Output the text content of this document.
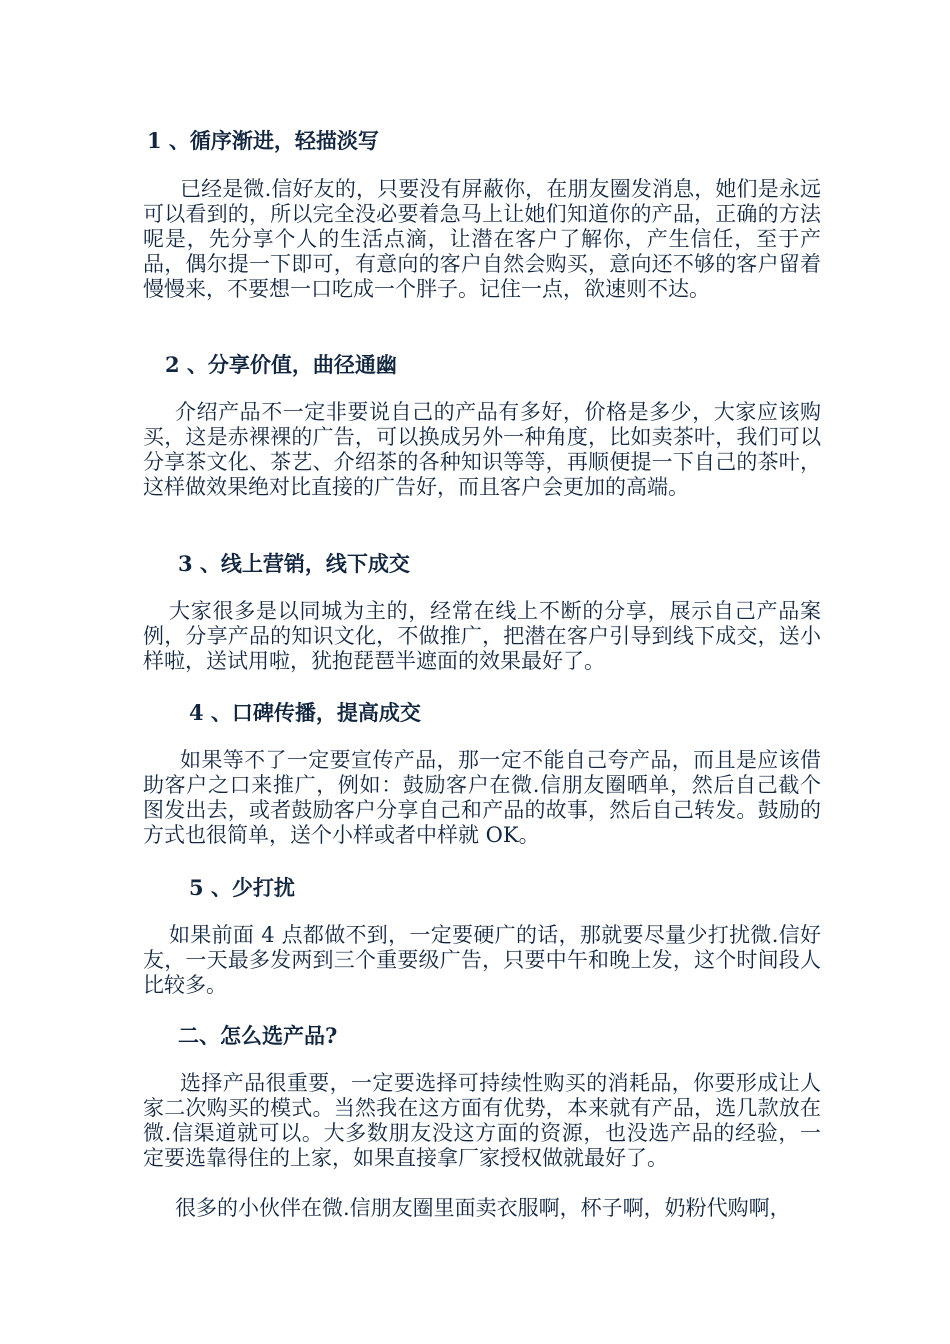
1 、循序渐进，轻描淡写
已经是微.信好友的，只要没有屏蔽你，在朋友圈发消息，她们是永远可以看到的，所以完全没必要着急马上让她们知道你的产品，正确的方法呢是，先分享个人的生活点滴，让潜在客户了解你，产生信任，至于产品，偶尔提一下即可，有意向的客户自然会购买，意向还不够的客户留着慢慢来，不要想一口吃成一个胖子。记住一点，欲速则不达。
2 、分享价值，曲径通幽
介绍产品不一定非要说自己的产品有多好，价格是多少，大家应该购买，这是赤裸裸的广告，可以换成另外一种角度，比如卖茶叶，我们可以分享茶文化、茶艺、介绍茶的各种知识等等，再顺便提一下自己的茶叶，这样做效果绝对比直接的广告好，而且客户会更加的高端。
3 、线上营销，线下成交
大家很多是以同城为主的，经常在线上不断的分享，展示自己产品案例，分享产品的知识文化，不做推广，把潜在客户引导到线下成交，送小样啦，送试用啦，犹抱琵琶半遮面的效果最好了。
4 、口碑传播，提高成交
如果等不了一定要宣传产品，那一定不能自己夸产品，而且是应该借助客户之口来推广，例如：鼓励客户在微.信朋友圈晒单，然后自己截个图发出去，或者鼓励客户分享自己和产品的故事，然后自己转发。鼓励的方式也很简单，送个小样或者中样就 OK。
5 、少打扰
如果前面 4 点都做不到，一定要硬广的话，那就要尽量少打扰微.信好友，一天最多发两到三个重要级广告，只要中午和晚上发，这个时间段人比较多。
二、怎么选产品?
选择产品很重要，一定要选择可持续性购买的消耗品，你要形成让人家二次购买的模式。当然我在这方面有优势，本来就有产品，选几款放在微.信渠道就可以。大多数朋友没这方面的资源，也没选产品的经验，一定要选靠得住的上家，如果直接拿厂家授权做就最好了。
很多的小伙伴在微.信朋友圈里面卖衣服啊，杯子啊，奶粉代购啊，
